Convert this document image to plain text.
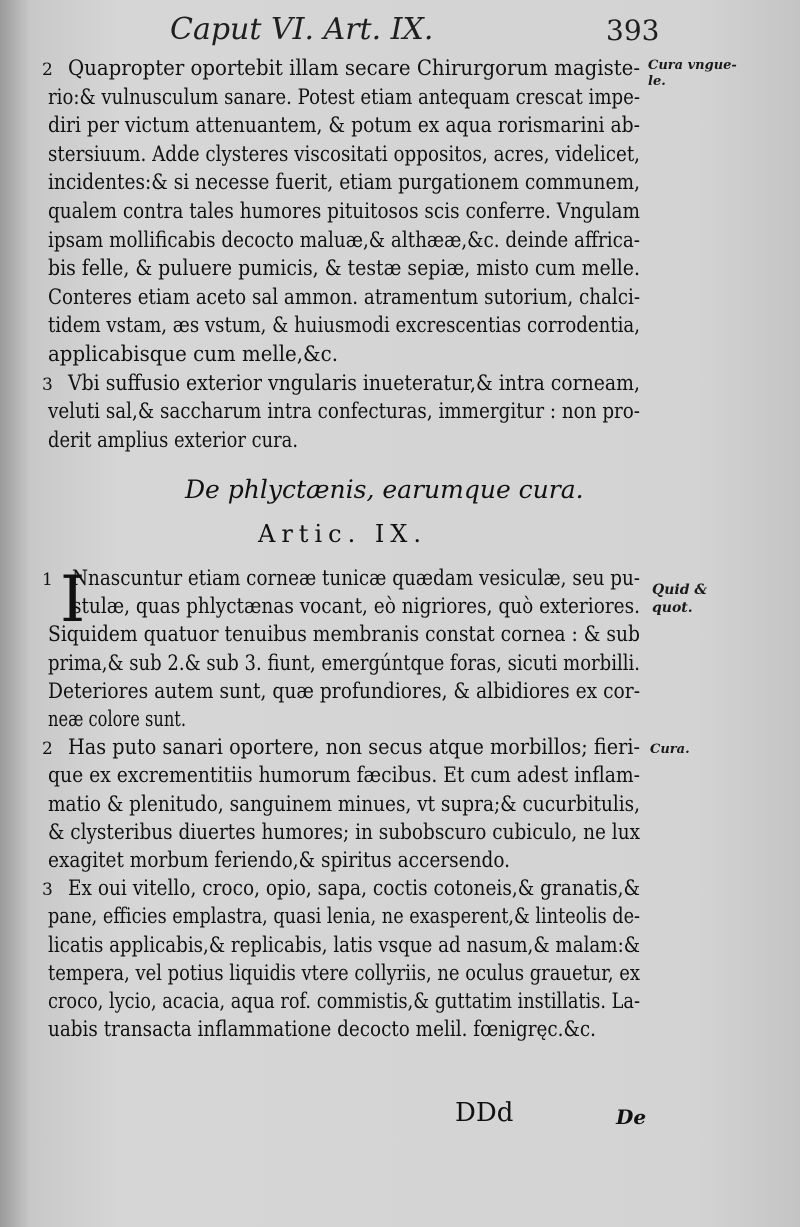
Caput VI. Art. IX.	393
Cura vngue-
le.
Quid &
quot.
Cura.
2 Quapropter oportebit illam secare Chirurgorum magiste-
rio:& vulnusculum sanare. Potest etiam antequam crescat impe-
diri per victum attenuantem, & potum ex aqua rorismarini ab-
stersiuum. Adde clysteres viscositati oppositos, acres, videlicet,
incidentes:& si necesse fuerit, etiam purgationem communem,
qualem contra tales humores pituitosos scis conferre. Vngulam
ipsam mollificabis decocto maluæ,& althææ,&c. deinde affrica-
bis felle, & puluere pumicis, & testæ sepiæ, misto cum melle.
Conteres etiam aceto sal ammon. atramentum sutorium, chalci-
tidem vstam, æs vstum, & huiusmodi excrescentias corrodentia,
applicabisque cum melle,&c.
3 Vbi suffusio exterior vngularis inueteratur,& intra corneam,
veluti sal,& saccharum intra confecturas, immergitur : non pro-
derit amplius exterior cura.
De phlyctænis, earumque cura.
Artic. IX.
I
1 Nnascuntur etiam corneæ tunicæ quædam vesiculæ, seu pu-
stulæ, quas phlyctænas vocant, eò nigriores, quò exteriores.
Siquidem quatuor tenuibus membranis constat cornea : & sub
prima,& sub 2.& sub 3. fiunt, emergúntque foras, sicuti morbilli.
Deteriores autem sunt, quæ profundiores, & albidiores ex cor-
neæ colore sunt.
2 Has puto sanari oportere, non secus atque morbillos; fieri-
que ex excrementitiis humorum fæcibus. Et cum adest inflam-
matio & plenitudo, sanguinem minues, vt supra;& cucurbitulis,
& clysteribus diuertes humores; in subobscuro cubiculo, ne lux
exagitet morbum feriendo,& spiritus accersendo.
3 Ex oui vitello, croco, opio, sapa, coctis cotoneis,& granatis,&
pane, efficies emplastra, quasi lenia, ne exasperent,& linteolis de-
licatis applicabis,& replicabis, latis vsque ad nasum,& malam:&
tempera, vel potius liquidis vtere collyriis, ne oculus grauetur, ex
croco, lycio, acacia, aqua rof. commistis,& guttatim instillatis. La-
uabis transacta inflammatione decocto melil. fœnigręc.&c.
DDd	De
